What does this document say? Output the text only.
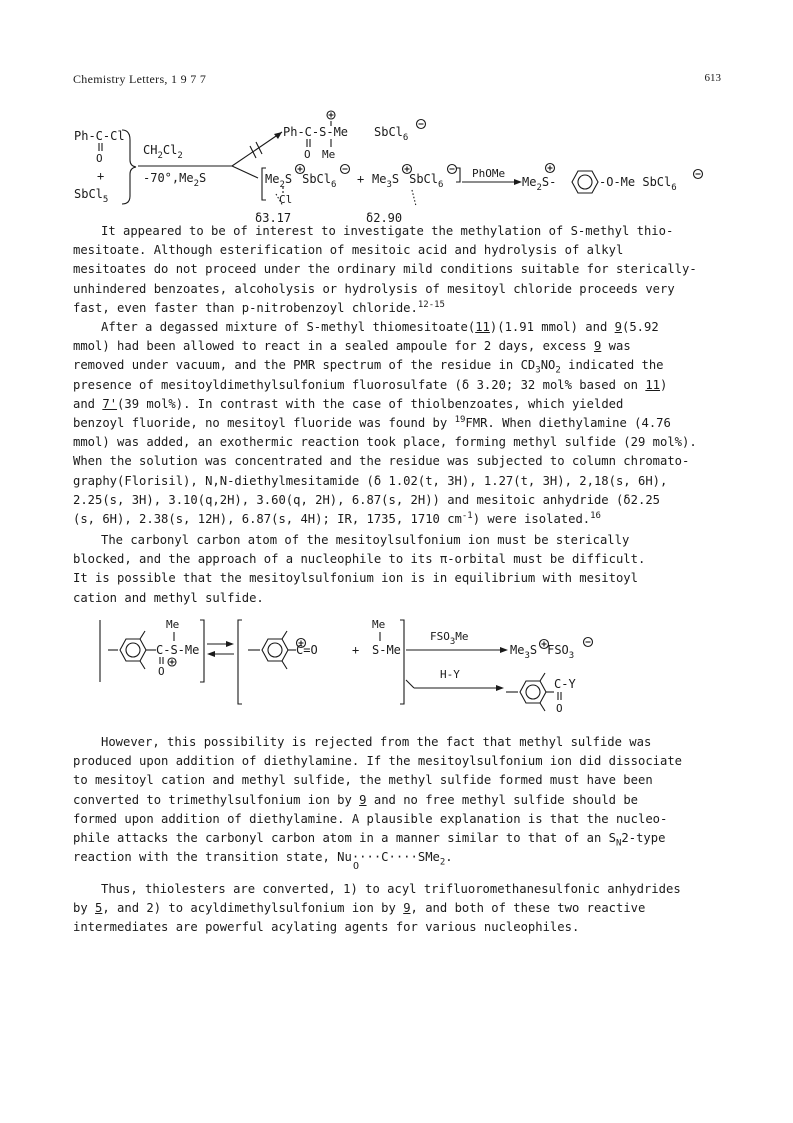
Chemistry Letters, 1 9 7 7	613
Ph-C-Cl
O
+
SbCl$_5$
$CH_2Cl_2$
$-70^\circ,Me_2S$
Ph-C-S-Me
O Me
SbCl$_6$
$Me_2S$ SbCl$_6$
Cl
+ $Me_3S$ SbCl$_6$
PhOMe
$Me_2S-$	-O-Me SbCl$_6$
δ3.17	δ2.90

It appeared to be of interest to investigate the methylation of S-methyl thio-

mesitoate. Although esterification of mesitoic acid and hydrolysis of alkyl

mesitoates do not proceed under the ordinary mild conditions suitable for sterically-

unhindered benzoates, alcoholysis or hydrolysis of mesitoyl chloride proceeds very

fast, even faster than p-nitrobenzoyl chloride.$^{12-15}$

After a degassed mixture of S-methyl thiomesitoate(11)(1.91 mmol) and 9(5.92

mmol) had been allowed to react in a sealed ampoule for 2 days, excess 9 was

removed under vacuum, and the PMR spectrum of the residue in $CD_3NO_2$ indicated the

presence of mesitoyldimethylsulfonium fluorosulfate (δ 3.20; 32 mol% based on 11)

and 7'(39 mol%). In contrast with the case of thiolbenzoates, which yielded

benzoyl fluoride, no mesitoyl fluoride was found by $^{19}$FMR. When diethylamine (4.76

mmol) was added, an exothermic reaction took place, forming methyl sulfide (29 mol%).

When the solution was concentrated and the residue was subjected to column chromato-

graphy(Florisil), N,N-diethylmesitamide (δ 1.02(t, 3H), 1.27(t, 3H), 2,18(s, 6H),

2.25(s, 3H), 3.10(q,2H), 3.60(q, 2H), 6.87(s, 2H)) and mesitoic anhydride (δ2.25

(s, 6H), 2.38(s, 12H), 6.87(s, 4H); IR, 1735, 1710 $cm^{-1}$) were isolated.$^{16}$

The carbonyl carbon atom of the mesitoylsulfonium ion must be sterically

blocked, and the approach of a nucleophile to its π-orbital must be difficult.

It is possible that the mesitoylsulfonium ion is in equilibrium with mesitoyl

cation and methyl sulfide.

Me
C-S-Me
O
C=O	+
Me
S-Me
$FSO_3Me$
$Me_3S$ $FSO_3$
H-Y
C-Y
O

However, this possibility is rejected from the fact that methyl sulfide was

produced upon addition of diethylamine. If the mesitoylsulfonium ion did dissociate

to mesitoyl cation and methyl sulfide, the methyl sulfide formed must have been

converted to trimethylsulfonium ion by 9 and no free methyl sulfide should be

formed upon addition of diethylamine. A plausible explanation is that the nucleo-

phile attacks the carbonyl carbon atom in a manner similar to that of an $S_N2$-type

reaction with the transition state, Nu····C····SMe$_2$.

O

Thus, thiolesters are converted, 1) to acyl trifluoromethanesulfonic anhydrides

by 5, and 2) to acyldimethylsulfonium ion by 9, and both of these two reactive

intermediates are powerful acylating agents for various nucleophiles.
